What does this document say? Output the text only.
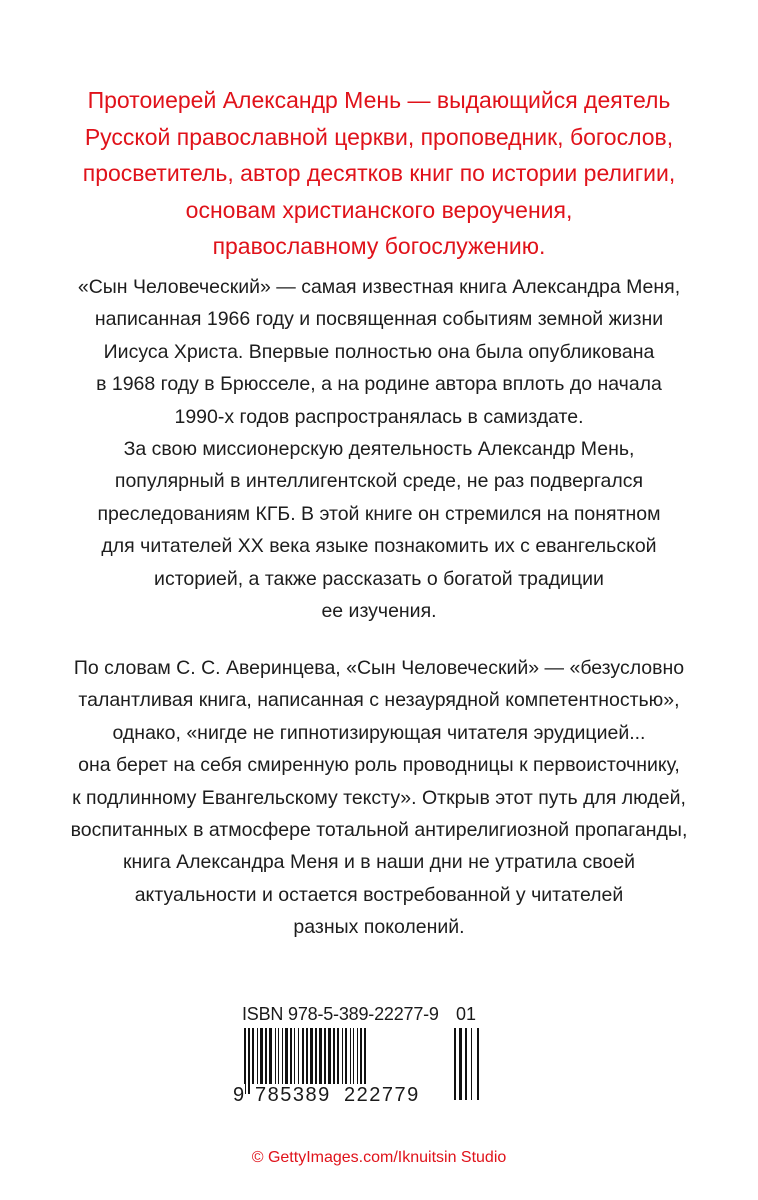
Протоиерей Александр Мень — выдающийся деятель
Русской православной церкви, проповедник, богослов,
просветитель, автор десятков книг по истории религии,
основам христианского вероучения,
православному богослужению.
«Сын Человеческий» — самая известная книга Александра Меня,
написанная 1966 году и посвященная событиям земной жизни
Иисуса Христа. Впервые полностью она была опубликована
в 1968 году в Брюсселе, а на родине автора вплоть до начала
1990-х годов распространялась в самиздате.
За свою миссионерскую деятельность Александр Мень,
популярный в интеллигентской среде, не раз подвергался
преследованиям КГБ. В этой книге он стремился на понятном
для читателей XX века языке познакомить их с евангельской
историей, а также рассказать о богатой традиции
ее изучения.
По словам С. С. Аверинцева, «Сын Человеческий» — «безусловно
талантливая книга, написанная с незаурядной компетентностью»,
однако, «нигде не гипнотизирующая читателя эрудицией...
она берет на себя смиренную роль проводницы к первоисточнику,
к подлинному Евангельскому тексту». Открыв этот путь для людей,
воспитанных в атмосфере тотальной антирелигиозной пропаганды,
книга Александра Меня и в наши дни не утратила своей
актуальности и остается востребованной у читателей
разных поколений.
ISBN 978-5-389-22277-9 01
9 785389 222779
© GettyImages.com/Iknuitsin Studio
